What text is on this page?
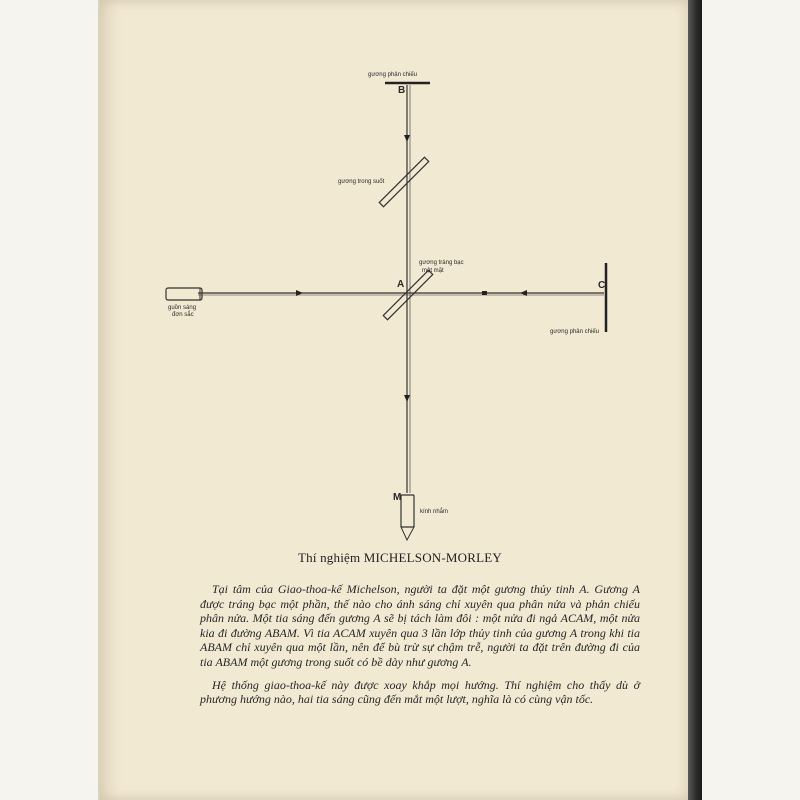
gương phản chiếu
B
gương trong suốt
gương tráng bạc
một mặt
A	C
gương phản chiếu
guồn sáng
đơn sắc
M
kính nhắm
Thí nghiệm MICHELSON-MORLEY

Tại tâm của Giao-thoa-kế Michelson, người ta đặt một gương thủy tinh A. Gương A được tráng bạc một phần, thế nào cho ánh sáng chỉ xuyên qua phân nửa và phản chiếu phân nửa. Một tia sáng đến gương A sẽ bị tách làm đôi : một nửa đi ngả ACAM, một nửa kia đi đường ABAM. Vì tia ACAM xuyên qua 3 lần lớp thủy tinh của gương A trong khi tia ABAM chỉ xuyên qua một lần, nên để bù trừ sự chậm trễ, người ta đặt trên đường đi của tia ABAM một gương trong suốt có bề dày như gương A.

Hệ thống giao-thoa-kế này được xoay khắp mọi hướng. Thí nghiệm cho thấy dù ở phương hướng nào, hai tia sáng cũng đến mắt một lượt, nghĩa là có cùng vận tốc.
